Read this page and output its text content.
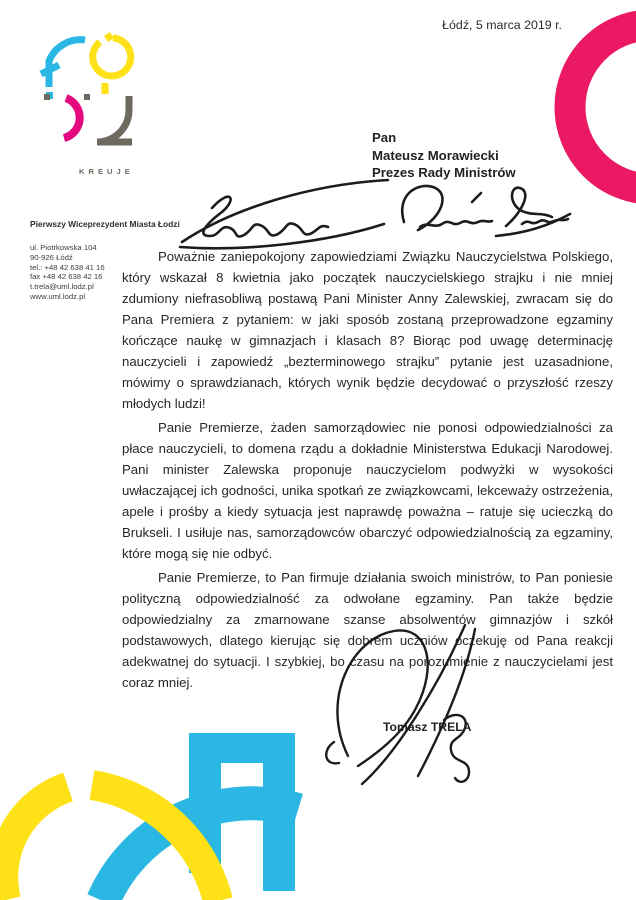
Łódź, 5 marca 2019 r.
KREUJE
Pierwszy Wiceprezydent Miasta Łodzi
ul. Piotrkowska 104
90-926 Łódź
tel.: +48 42 638 41 16
fax +48 42 638 42 16
t.trela@uml.lodz.pl
www.uml.lodz.pl
Pan
Mateusz Morawiecki
Prezes Rady Ministrów

Poważnie zaniepokojony zapowiedziami Związku Nauczycielstwa Polskiego, który wskazał 8 kwietnia jako początek nauczycielskiego strajku i nie mniej zdumiony niefrasobliwą postawą Pani Minister Anny Zalewskiej, zwracam się do Pana Premiera z pytaniem: w jaki sposób zostaną przeprowadzone egzaminy kończące naukę w gimnazjach i klasach 8? Biorąc pod uwagę determinację nauczycieli i zapowiedź „bezterminowego strajku” pytanie jest uzasadnione, mówimy o sprawdzianach, których wynik będzie decydować o przyszłość rzeszy młodych ludzi!

Panie Premierze, żaden samorządowiec nie ponosi odpowiedzialności za płace nauczycieli, to domena rządu a dokładnie Ministerstwa Edukacji Narodowej. Pani minister Zalewska proponuje nauczycielom podwyżki w wysokości uwłaczającej ich godności, unika spotkań ze związkowcami, lekceważy ostrzeżenia, apele i prośby a kiedy sytuacja jest naprawdę poważna – ratuje się ucieczką do Brukseli. I usiłuje nas, samorządowców obarczyć odpowiedzialnością za egzaminy, które mogą się nie odbyć.

Panie Premierze, to Pan firmuje działania swoich ministrów, to Pan poniesie polityczną odpowiedzialność za odwołane egzaminy. Pan także będzie odpowiedzialny za zmarnowane szanse absolwentów gimnazjów i szkół podstawowych, dlatego kierując się dobrem uczniów oczekuję od Pana reakcji adekwatnej do sytuacji. I szybkiej, bo czasu na porozumienie z nauczycielami jest coraz mniej.

Tomasz TRELA
